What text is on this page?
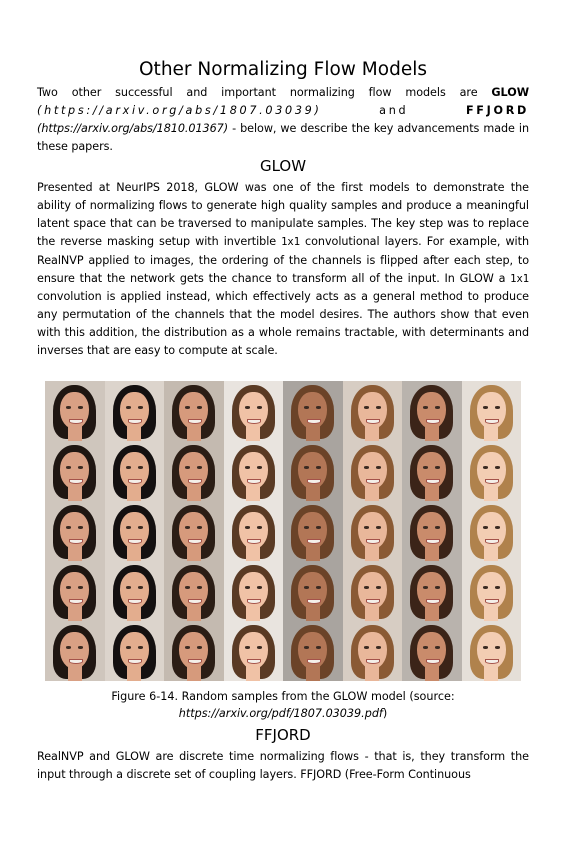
Other Normalizing Flow Models

Two other successful and important normalizing flow models are GLOW (https://arxiv.org/abs/1807.03039) and FFJORD (https://arxiv.org/abs/1810.01367) - below, we describe the key advancements made in these papers.

GLOW

Presented at NeurIPS 2018, GLOW was one of the first models to demonstrate the ability of normalizing flows to generate high quality samples and produce a meaningful latent space that can be traversed to manipulate samples. The key step was to replace the reverse masking setup with invertible 1x1 convolutional layers. For example, with RealNVP applied to images, the ordering of the channels is flipped after each step, to ensure that the network gets the chance to transform all of the input. In GLOW a 1x1 convolution is applied instead, which effectively acts as a general method to produce any permutation of the channels that the model desires. The authors show that even with this addition, the distribution as a whole remains tractable, with determinants and inverses that are easy to compute at scale.

Figure 6-14. Random samples from the GLOW model (source: https://arxiv.org/pdf/1807.03039.pdf)
FFJORD

RealNVP and GLOW are discrete time normalizing flows - that is, they transform the input through a discrete set of coupling layers. FFJORD (Free-Form Continuous
